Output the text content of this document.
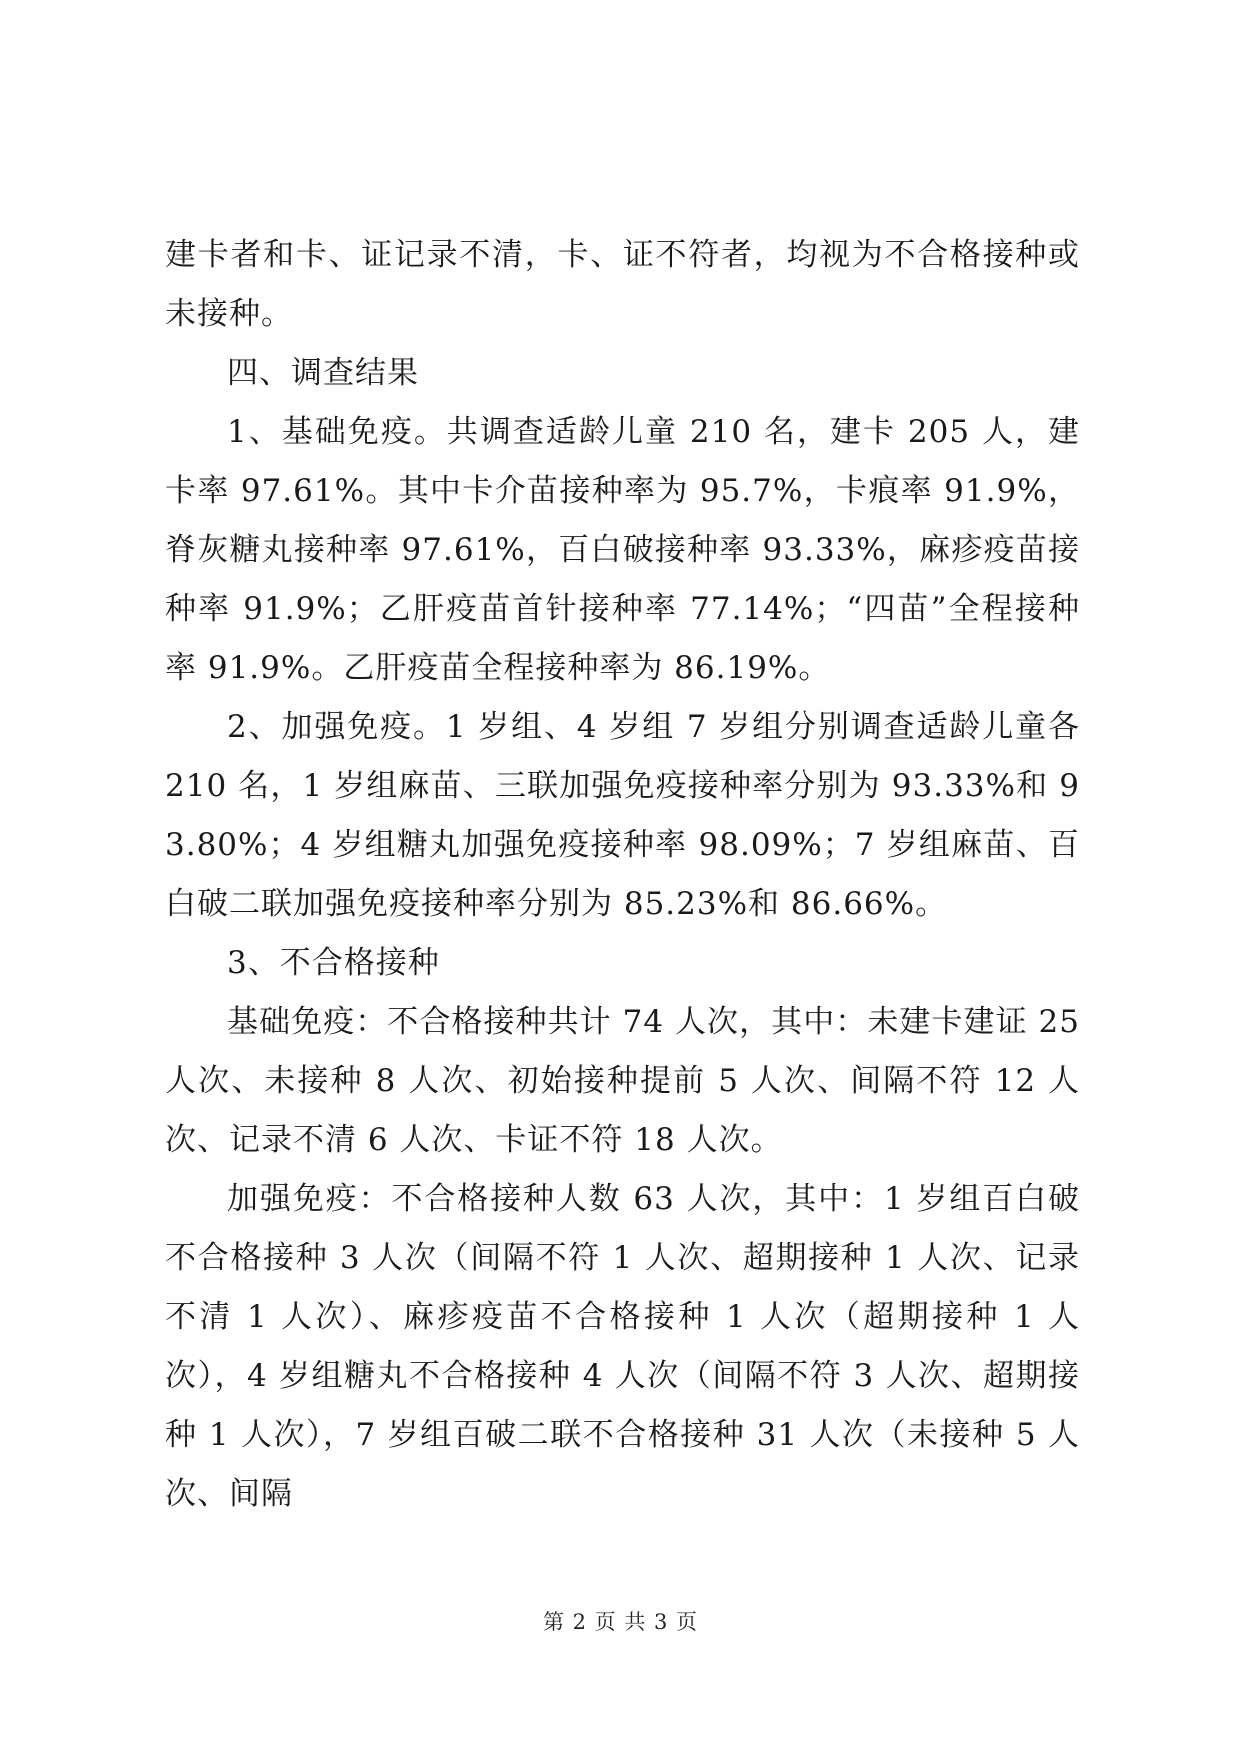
建卡者和卡、证记录不清，卡、证不符者，均视为不合格接种或未接种。

四、调查结果

1、基础免疫。共调查适龄儿童 210 名，建卡 205 人，建卡率 97.61%。其中卡介苗接种率为 95.7%，卡痕率 91.9%，脊灰糖丸接种率 97.61%，百白破接种率 93.33%，麻疹疫苗接种率 91.9%；乙肝疫苗首针接种率 77.14%；“四苗”全程接种率 91.9%。乙肝疫苗全程接种率为 86.19%。

2、加强免疫。1 岁组、4 岁组 7 岁组分别调查适龄儿童各 210 名，1 岁组麻苗、三联加强免疫接种率分别为 93.33%和 93.80%；4 岁组糖丸加强免疫接种率 98.09%；7 岁组麻苗、百白破二联加强免疫接种率分别为 85.23%和 86.66%。

3、不合格接种

基础免疫：不合格接种共计 74 人次，其中：未建卡建证 25 人次、未接种 8 人次、初始接种提前 5 人次、间隔不符 12 人次、记录不清 6 人次、卡证不符 18 人次。

加强免疫：不合格接种人数 63 人次，其中：1 岁组百白破不合格接种 3 人次（间隔不符 1 人次、超期接种 1 人次、记录不清 1 人次）、麻疹疫苗不合格接种 1 人次（超期接种 1 人次），4 岁组糖丸不合格接种 4 人次（间隔不符 3 人次、超期接种 1 人次），7 岁组百破二联不合格接种 31 人次（未接种 5 人次、间隔

第 2 页 共 3 页
